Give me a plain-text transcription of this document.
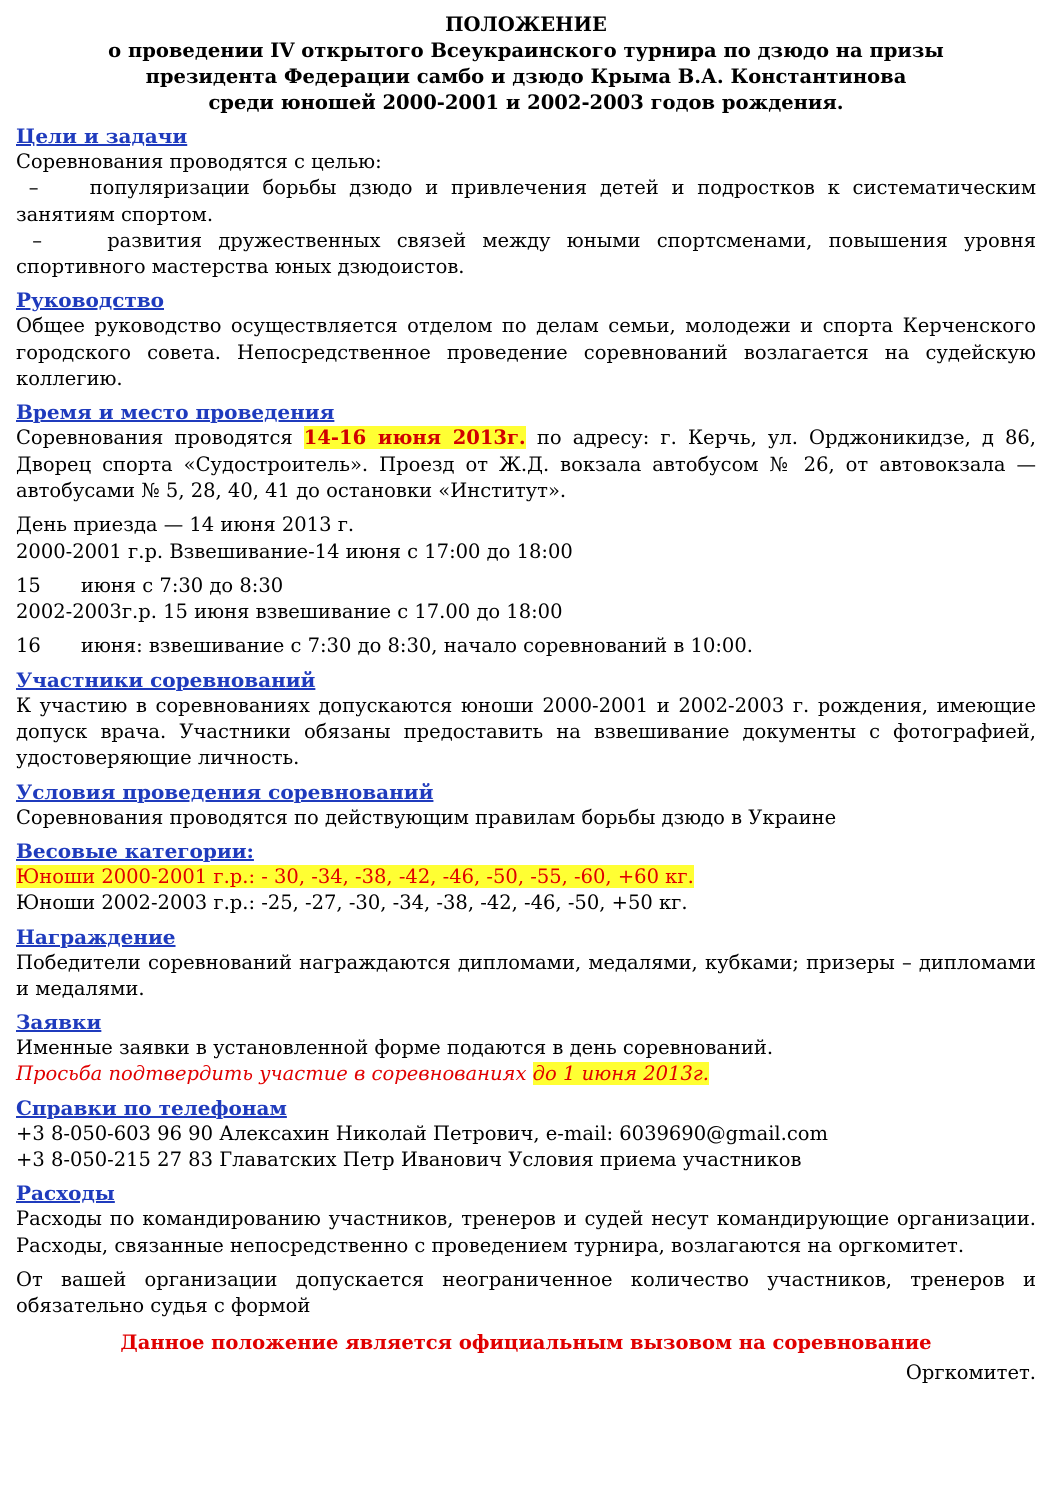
ПОЛОЖЕНИЕ
о проведении IV открытого Всеукраинского турнира по дзюдо на призы
президента Федерации самбо и дзюдо Крыма В.А. Константинова
среди юношей 2000-2001 и 2002-2003 годов рождения.
Цели и задачи
Соревнования проводятся с целью:
–	популяризации борьбы дзюдо и привлечения детей и подростков к систематическим занятиям спортом.
–	развития дружественных связей между юными спортсменами, повышения уровня спортивного мастерства юных дзюдоистов.
Руководство
Общее руководство осуществляется отделом по делам семьи, молодежи и спорта Керченского городского совета. Непосредственное проведение соревнований возлагается на судейскую коллегию.
Время и место проведения
Соревнования проводятся 14-16 июня 2013г. по адресу: г. Керчь, ул. Орджоникидзе, д 86, Дворец спорта «Судостроитель». Проезд от Ж.Д. вокзала автобусом № 26, от автовокзала — автобусами № 5, 28, 40, 41 до остановки «Институт».
День приезда — 14 июня 2013 г.
2000-2001 г.р. Взвешивание-14 июня с 17:00 до 18:00
15 июня с 7:30 до 8:30
2002-2003г.р. 15 июня взвешивание с 17.00 до 18:00
16 июня: взвешивание с 7:30 до 8:30, начало соревнований в 10:00.
Участники соревнований
К участию в соревнованиях допускаются юноши 2000-2001 и 2002-2003 г. рождения, имеющие допуск врача. Участники обязаны предоставить на взвешивание документы с фотографией, удостоверяющие личность.
Условия проведения соревнований
Соревнования проводятся по действующим правилам борьбы дзюдо в Украине
Весовые категории:
Юноши 2000-2001 г.р.: - 30, -34, -38, -42, -46, -50, -55, -60, +60 кг.
Юноши 2002-2003 г.р.: -25, -27, -30, -34, -38, -42, -46, -50, +50 кг.
Награждение
Победители соревнований награждаются дипломами, медалями, кубками; призеры – дипломами и медалями.
Заявки
Именные заявки в установленной форме подаются в день соревнований.
Просьба подтвердить участие в соревнованиях до 1 июня 2013г.
Справки по телефонам
+3 8-050-603 96 90 Алексахин Николай Петрович, e-mail: 6039690@gmail.com
+3 8-050-215 27 83 Главатских Петр Иванович Условия приема участников
Расходы
Расходы по командированию участников, тренеров и судей несут командирующие организации. Расходы, связанные непосредственно с проведением турнира, возлагаются на оргкомитет.
От вашей организации допускается неограниченное количество участников, тренеров и обязательно судья с формой
Данное положение является официальным вызовом на соревнование
Оргкомитет.
